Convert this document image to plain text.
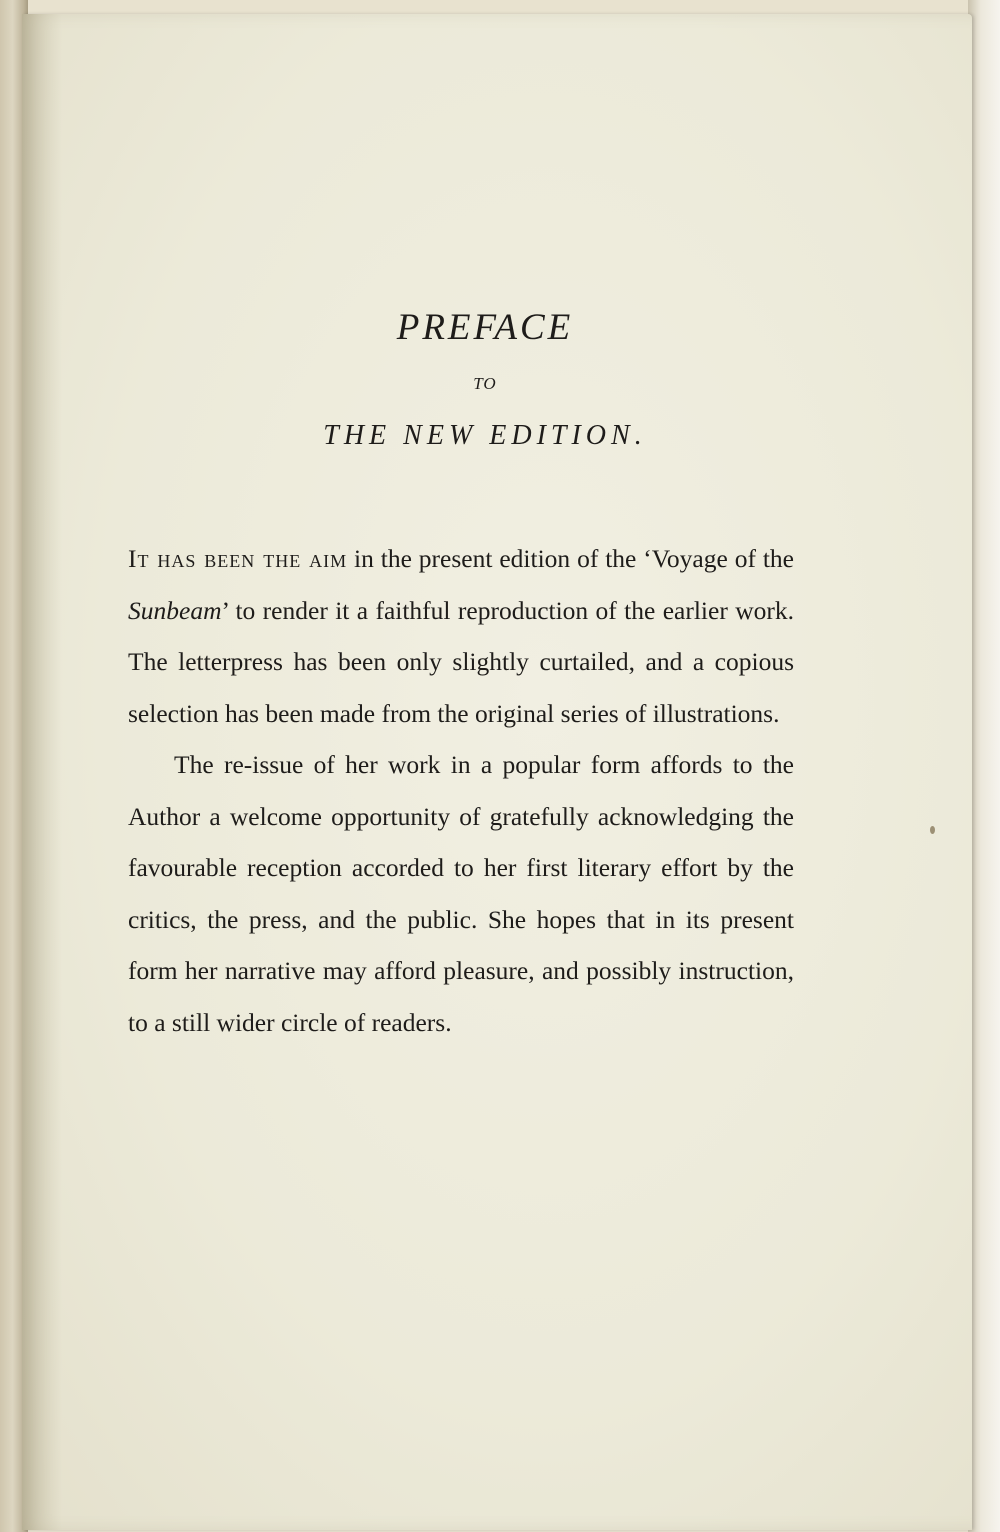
PREFACE
TO
THE NEW EDITION.

It has been the aim in the present edition of the ‘Voyage of the Sunbeam’ to render it a faithful reproduction of the earlier work. The letterpress has been only slightly curtailed, and a copious selection has been made from the original series of illustrations.

The re-issue of her work in a popular form affords to the Author a welcome opportunity of gratefully acknowledging the favourable reception accorded to her first literary effort by the critics, the press, and the public. She hopes that in its present form her narrative may afford pleasure, and possibly instruction, to a still wider circle of readers.
